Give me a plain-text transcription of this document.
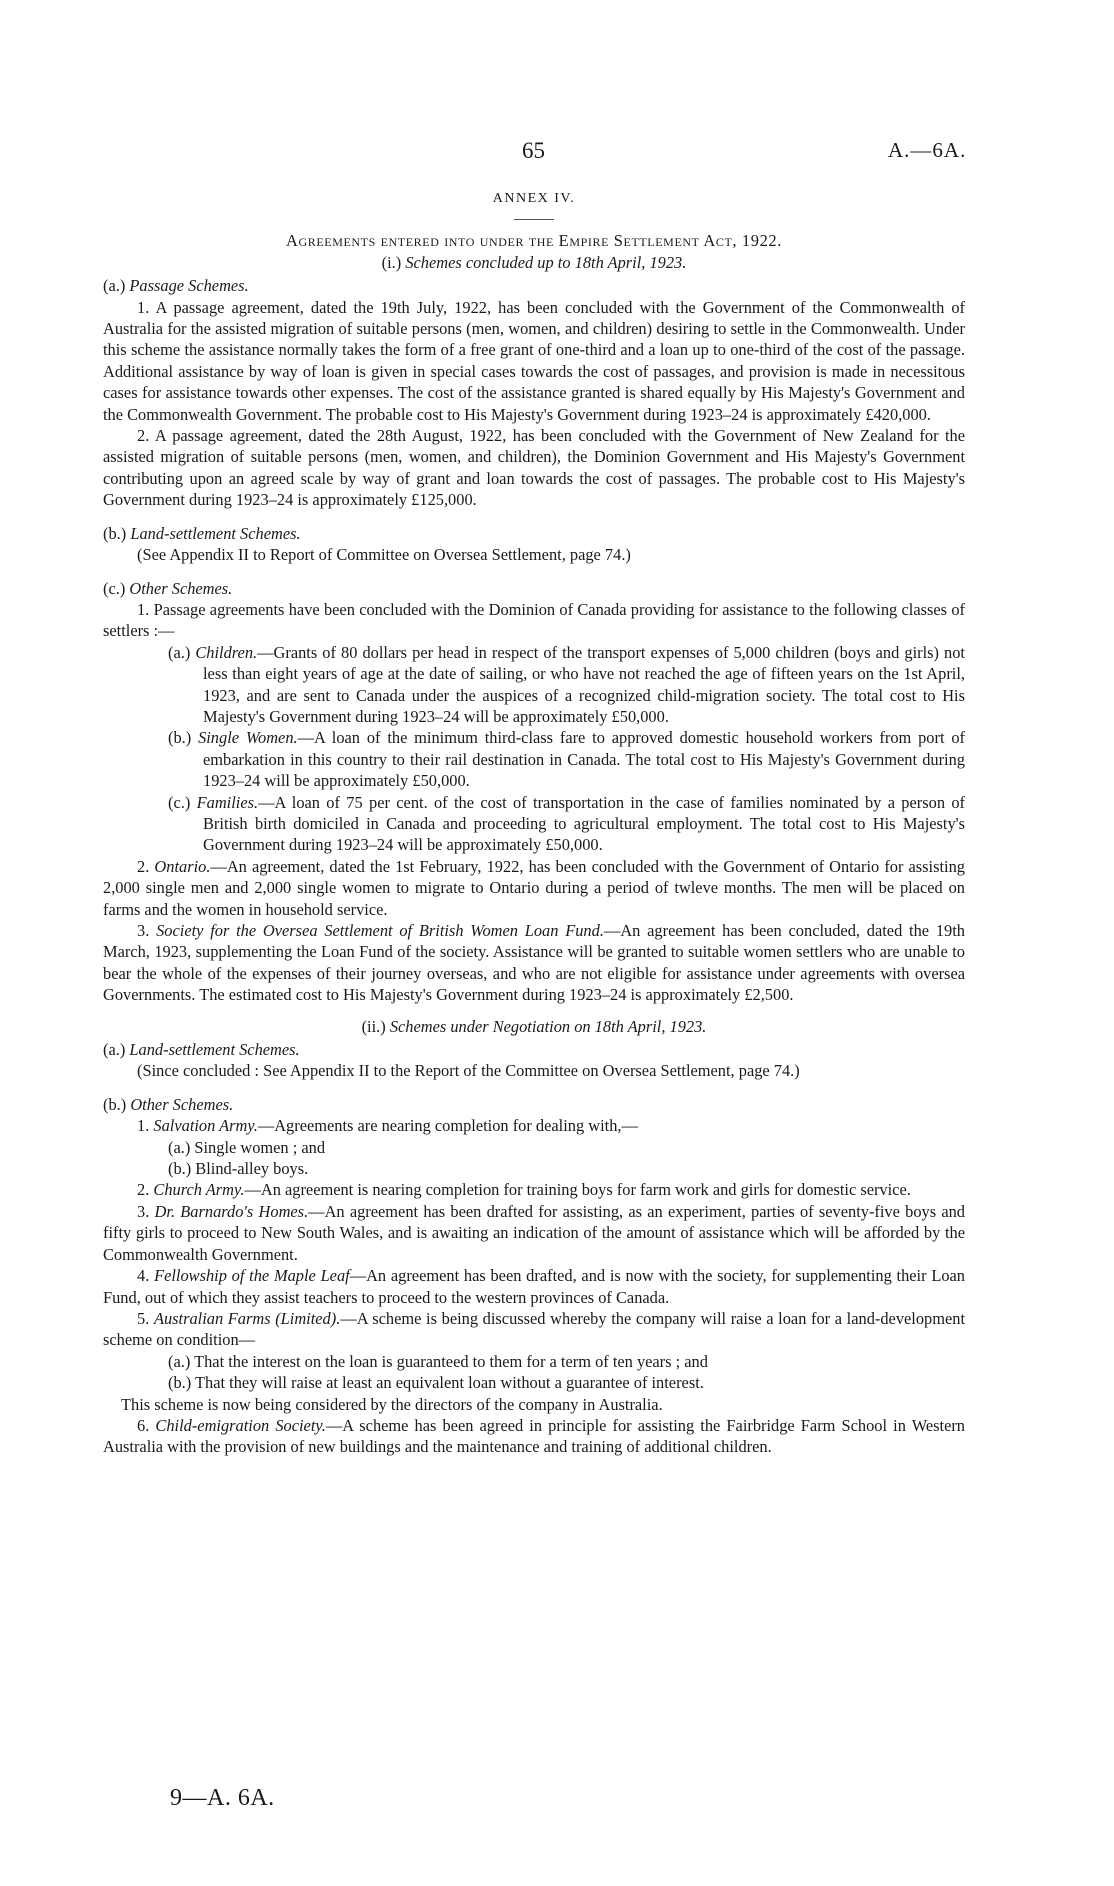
65	A.—6A.
ANNEX IV.
Agreements entered into under the Empire Settlement Act, 1922.
(i.) Schemes concluded up to 18th April, 1923.
(a.) Passage Schemes.

1. A passage agreement, dated the 19th July, 1922, has been concluded with the Government of the Commonwealth of Australia for the assisted migration of suitable persons (men, women, and children) desiring to settle in the Commonwealth. Under this scheme the assistance normally takes the form of a free grant of one-third and a loan up to one-third of the cost of the passage. Additional assistance by way of loan is given in special cases towards the cost of passages, and provision is made in necessitous cases for assistance towards other expenses. The cost of the assistance granted is shared equally by His Majesty's Government and the Commonwealth Government. The probable cost to His Majesty's Government during 1923–24 is approximately £420,000.

2. A passage agreement, dated the 28th August, 1922, has been concluded with the Government of New Zealand for the assisted migration of suitable persons (men, women, and children), the Dominion Government and His Majesty's Government contributing upon an agreed scale by way of grant and loan towards the cost of passages. The probable cost to His Majesty's Government during 1923–24 is approximately £125,000.

(b.) Land-settlement Schemes.

(See Appendix II to Report of Committee on Oversea Settlement, page 74.)

(c.) Other Schemes.

1. Passage agreements have been concluded with the Dominion of Canada providing for assistance to the following classes of settlers :—

(a.) Children.—Grants of 80 dollars per head in respect of the transport expenses of 5,000 children (boys and girls) not less than eight years of age at the date of sailing, or who have not reached the age of fifteen years on the 1st April, 1923, and are sent to Canada under the auspices of a recognized child-migration society. The total cost to His Majesty's Government during 1923–24 will be approximately £50,000.

(b.) Single Women.—A loan of the minimum third-class fare to approved domestic household workers from port of embarkation in this country to their rail destination in Canada. The total cost to His Majesty's Government during 1923–24 will be approximately £50,000.

(c.) Families.—A loan of 75 per cent. of the cost of transportation in the case of families nominated by a person of British birth domiciled in Canada and proceeding to agricultural employment. The total cost to His Majesty's Government during 1923–24 will be approximately £50,000.

2. Ontario.—An agreement, dated the 1st February, 1922, has been concluded with the Government of Ontario for assisting 2,000 single men and 2,000 single women to migrate to Ontario during a period of twleve months. The men will be placed on farms and the women in household service.

3. Society for the Oversea Settlement of British Women Loan Fund.—An agreement has been concluded, dated the 19th March, 1923, supplementing the Loan Fund of the society. Assistance will be granted to suitable women settlers who are unable to bear the whole of the expenses of their journey overseas, and who are not eligible for assistance under agreements with oversea Governments. The estimated cost to His Majesty's Government during 1923–24 is approximately £2,500.

(ii.) Schemes under Negotiation on 18th April, 1923.
(a.) Land-settlement Schemes.

(Since concluded : See Appendix II to the Report of the Committee on Oversea Settlement, page 74.)

(b.) Other Schemes.

1. Salvation Army.—Agreements are nearing completion for dealing with,—

(a.) Single women ; and

(b.) Blind-alley boys.

2. Church Army.—An agreement is nearing completion for training boys for farm work and girls for domestic service.

3. Dr. Barnardo's Homes.—An agreement has been drafted for assisting, as an experiment, parties of seventy-five boys and fifty girls to proceed to New South Wales, and is awaiting an indication of the amount of assistance which will be afforded by the Commonwealth Government.

4. Fellowship of the Maple Leaf—An agreement has been drafted, and is now with the society, for supplementing their Loan Fund, out of which they assist teachers to proceed to the western provinces of Canada.

5. Australian Farms (Limited).—A scheme is being discussed whereby the company will raise a loan for a land-development scheme on condition—

(a.) That the interest on the loan is guaranteed to them for a term of ten years ; and

(b.) That they will raise at least an equivalent loan without a guarantee of interest.

This scheme is now being considered by the directors of the company in Australia.

6. Child-emigration Society.—A scheme has been agreed in principle for assisting the Fairbridge Farm School in Western Australia with the provision of new buildings and the maintenance and training of additional children.

9—A. 6A.
